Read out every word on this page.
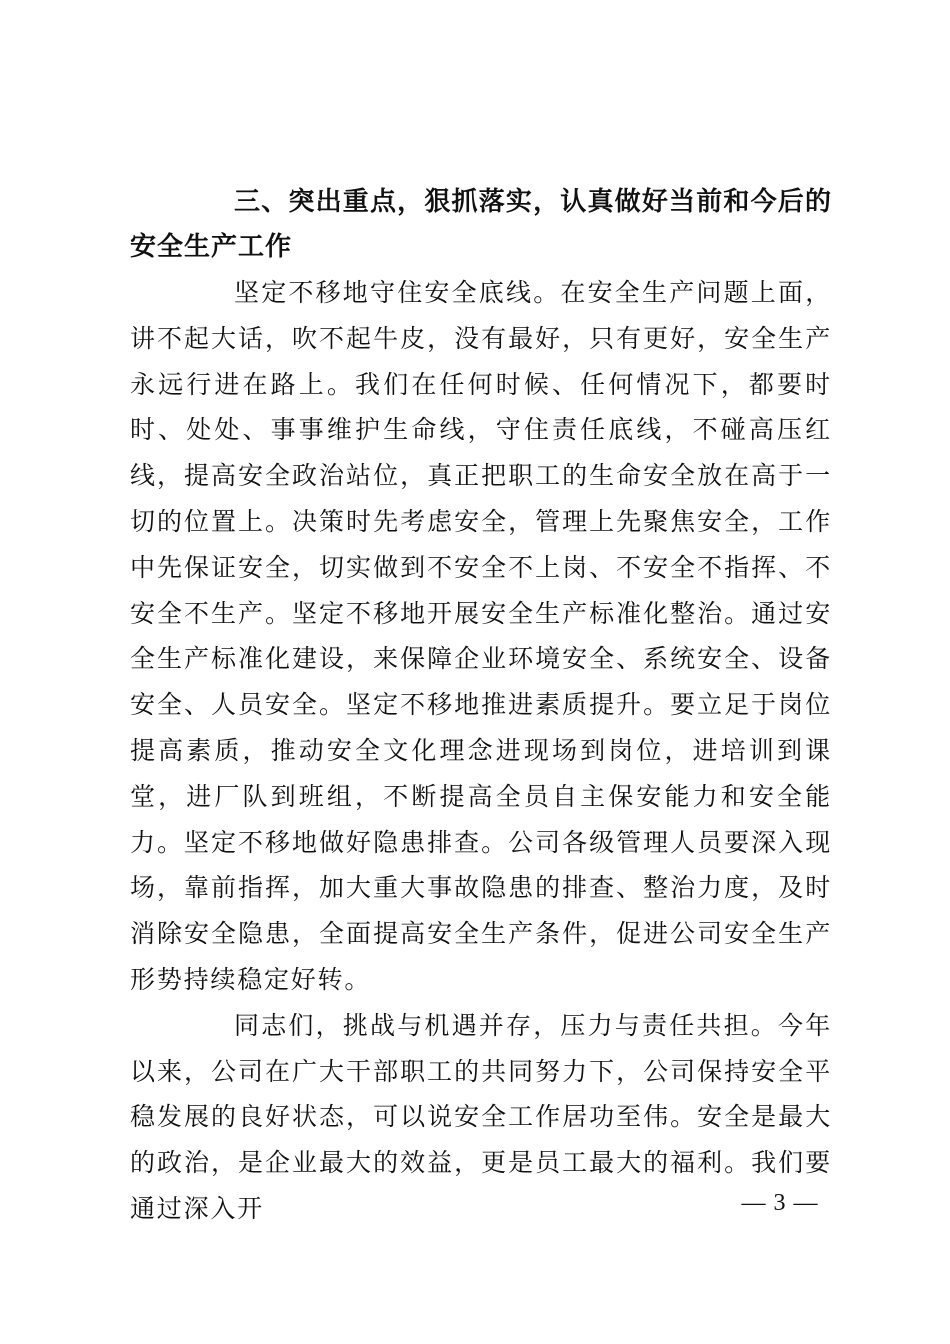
三、突出重点，狠抓落实，认真做好当前和今后的安全生产工作

坚定不移地守住安全底线。在安全生产问题上面，讲不起大话，吹不起牛皮，没有最好，只有更好，安全生产永远行进在路上。我们在任何时候、任何情况下，都要时时、处处、事事维护生命线，守住责任底线，不碰高压红线，提高安全政治站位，真正把职工的生命安全放在高于一切的位置上。决策时先考虑安全，管理上先聚焦安全，工作中先保证安全，切实做到不安全不上岗、不安全不指挥、不安全不生产。坚定不移地开展安全生产标准化整治。通过安全生产标准化建设，来保障企业环境安全、系统安全、设备安全、人员安全。坚定不移地推进素质提升。要立足于岗位提高素质，推动安全文化理念进现场到岗位，进培训到课堂，进厂队到班组，不断提高全员自主保安能力和安全能力。坚定不移地做好隐患排查。公司各级管理人员要深入现场，靠前指挥，加大重大事故隐患的排查、整治力度，及时消除安全隐患，全面提高安全生产条件，促进公司安全生产形势持续稳定好转。

同志们，挑战与机遇并存，压力与责任共担。今年以来，公司在广大干部职工的共同努力下，公司保持安全平稳发展的良好状态，可以说安全工作居功至伟。安全是最大的政治，是企业最大的效益，更是员工最大的福利。我们要通过深入开	— 3 —
